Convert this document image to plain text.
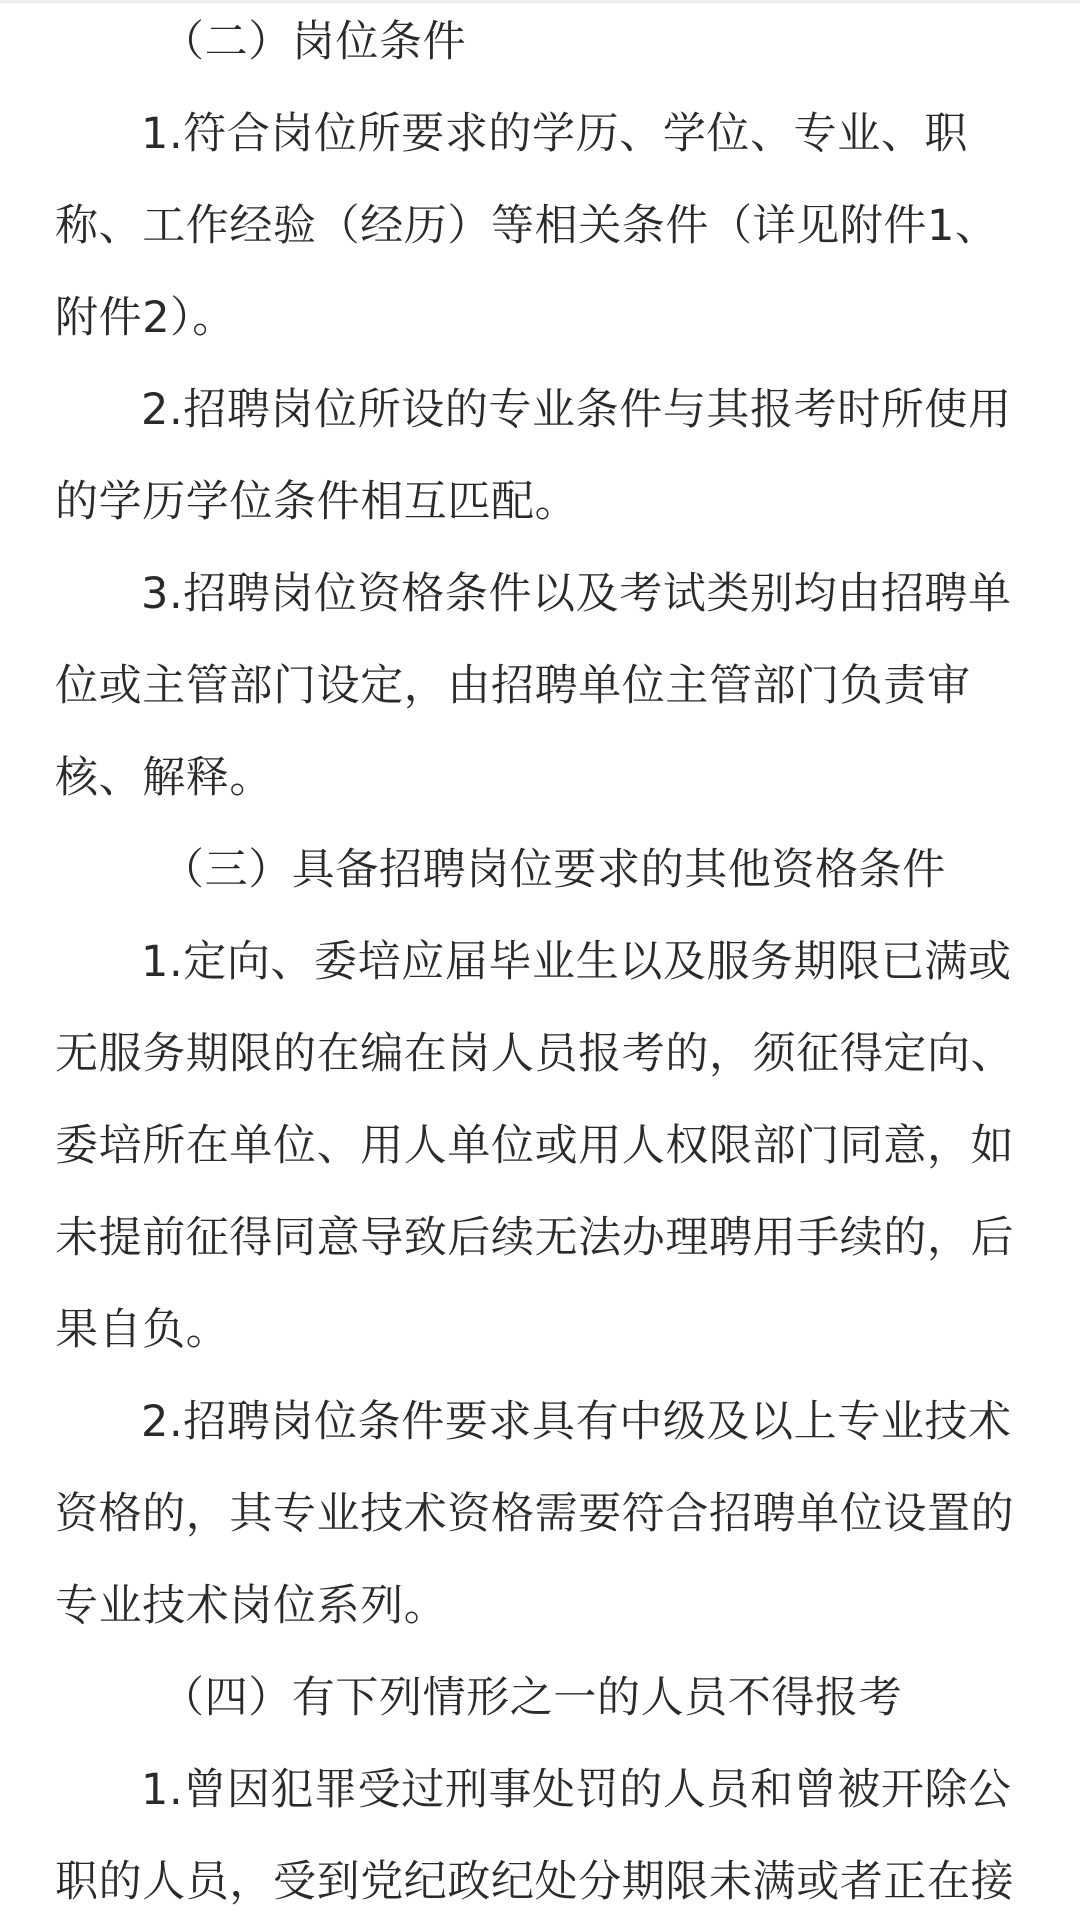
（二）岗位条件

1.符合岗位所要求的学历、学位、专业、职称、工作经验（经历）等相关条件（详见附件1、附件2）。

2.招聘岗位所设的专业条件与其报考时所使用的学历学位条件相互匹配。

3.招聘岗位资格条件以及考试类别均由招聘单位或主管部门设定，由招聘单位主管部门负责审核、解释。

（三）具备招聘岗位要求的其他资格条件

1.定向、委培应届毕业生以及服务期限已满或无服务期限的在编在岗人员报考的，须征得定向、委培所在单位、用人单位或用人权限部门同意，如未提前征得同意导致后续无法办理聘用手续的，后果自负。

2.招聘岗位条件要求具有中级及以上专业技术资格的，其专业技术资格需要符合招聘单位设置的专业技术岗位系列。

（四）有下列情形之一的人员不得报考

1.曾因犯罪受过刑事处罚的人员和曾被开除公职的人员，受到党纪政纪处分期限未满或者正在接
